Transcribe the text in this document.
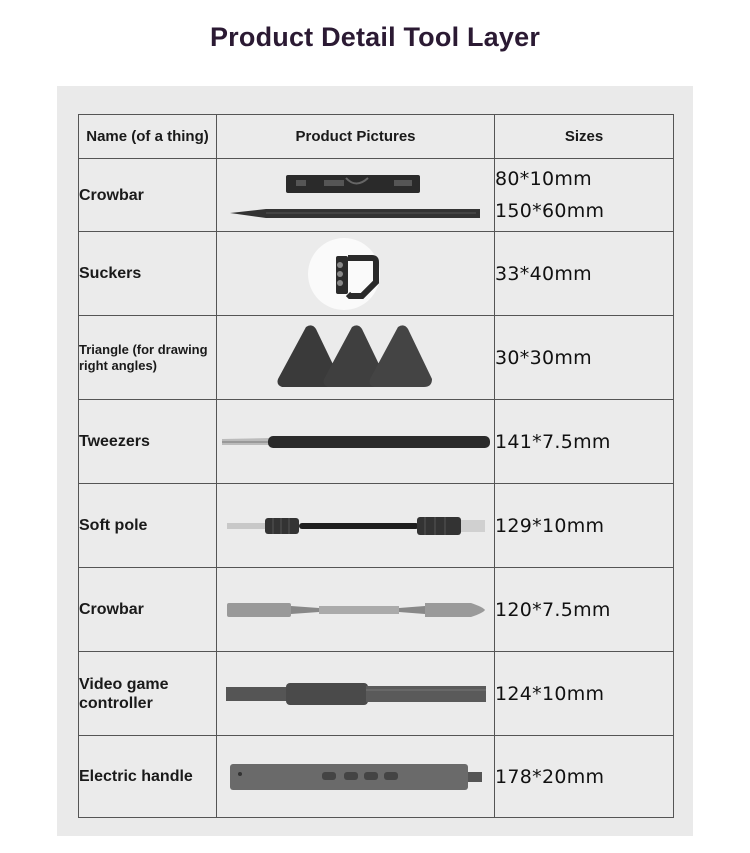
Product Detail Tool Layer
Name (of a thing)	Product Pictures	Sizes
Crowbar		80*10mm
150*60mm

Suckers		33*40mm

Triangle (for drawing right angles)		30*30mm

Tweezers		141*7.5mm

Soft pole		129*10mm

Crowbar		120*7.5mm

Video game controller		124*10mm

Electric handle		178*20mm
